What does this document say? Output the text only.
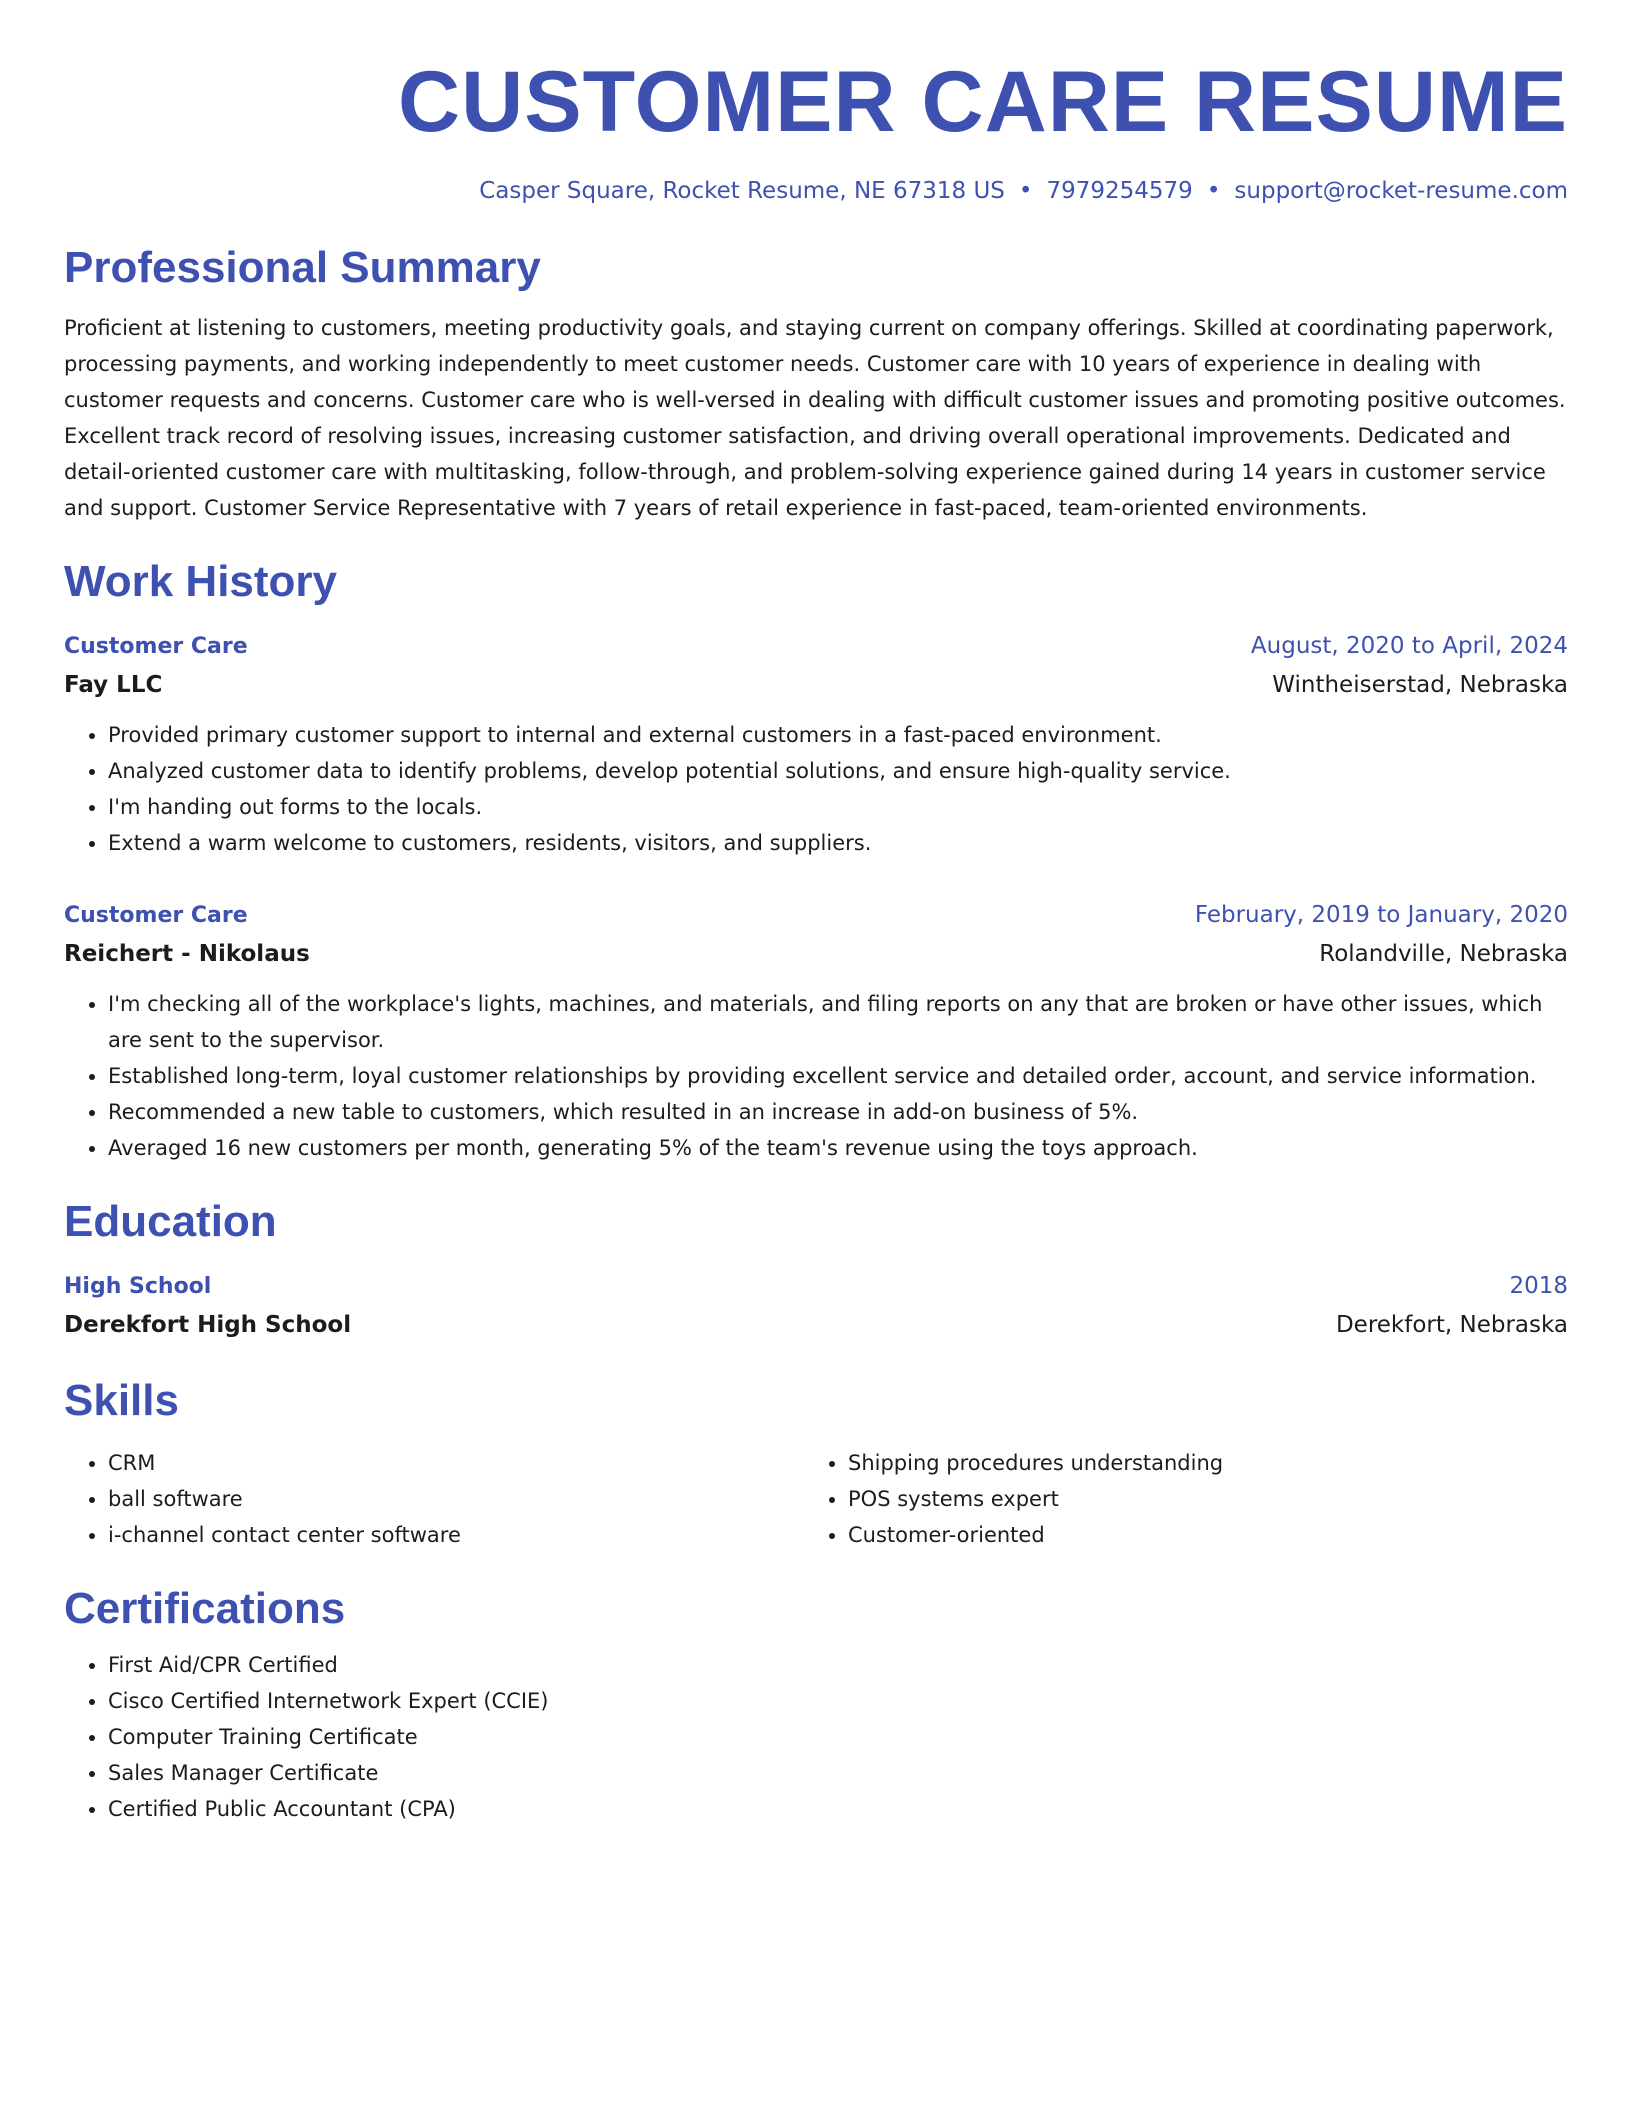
CUSTOMER CARE RESUME
Casper Square, Rocket Resume, NE 67318 US • 7979254579 • support@rocket-resume.com
Professional Summary

Proficient at listening to customers, meeting productivity goals, and staying current on company offerings. Skilled at coordinating paperwork, processing payments, and working independently to meet customer needs. Customer care with 10 years of experience in dealing with customer requests and concerns. Customer care who is well-versed in dealing with difficult customer issues and promoting positive outcomes. Excellent track record of resolving issues, increasing customer satisfaction, and driving overall operational improvements. Dedicated and detail-oriented customer care with multitasking, follow-through, and problem-solving experience gained during 14 years in customer service and support. Customer Service Representative with 7 years of retail experience in fast-paced, team-oriented environments.

Work History
Customer Care	August, 2020 to April, 2024
Fay LLC	Wintheiserstad, Nebraska
• Provided primary customer support to internal and external customers in a fast-paced environment.
• Analyzed customer data to identify problems, develop potential solutions, and ensure high-quality service.
• I'm handing out forms to the locals.
• Extend a warm welcome to customers, residents, visitors, and suppliers.
Customer Care	February, 2019 to January, 2020
Reichert - Nikolaus	Rolandville, Nebraska
• I'm checking all of the workplace's lights, machines, and materials, and filing reports on any that are broken or have other issues, which are sent to the supervisor.
• Established long-term, loyal customer relationships by providing excellent service and detailed order, account, and service information.
• Recommended a new table to customers, which resulted in an increase in add-on business of 5%.
• Averaged 16 new customers per month, generating 5% of the team's revenue using the toys approach.
Education
High School	2018
Derekfort High School	Derekfort, Nebraska
Skills
• CRM
• ball software
• i-channel contact center software
• Shipping procedures understanding
• POS systems expert
• Customer-oriented
Certifications
• First Aid/CPR Certified
• Cisco Certified Internetwork Expert (CCIE)
• Computer Training Certificate
• Sales Manager Certificate
• Certified Public Accountant (CPA)
